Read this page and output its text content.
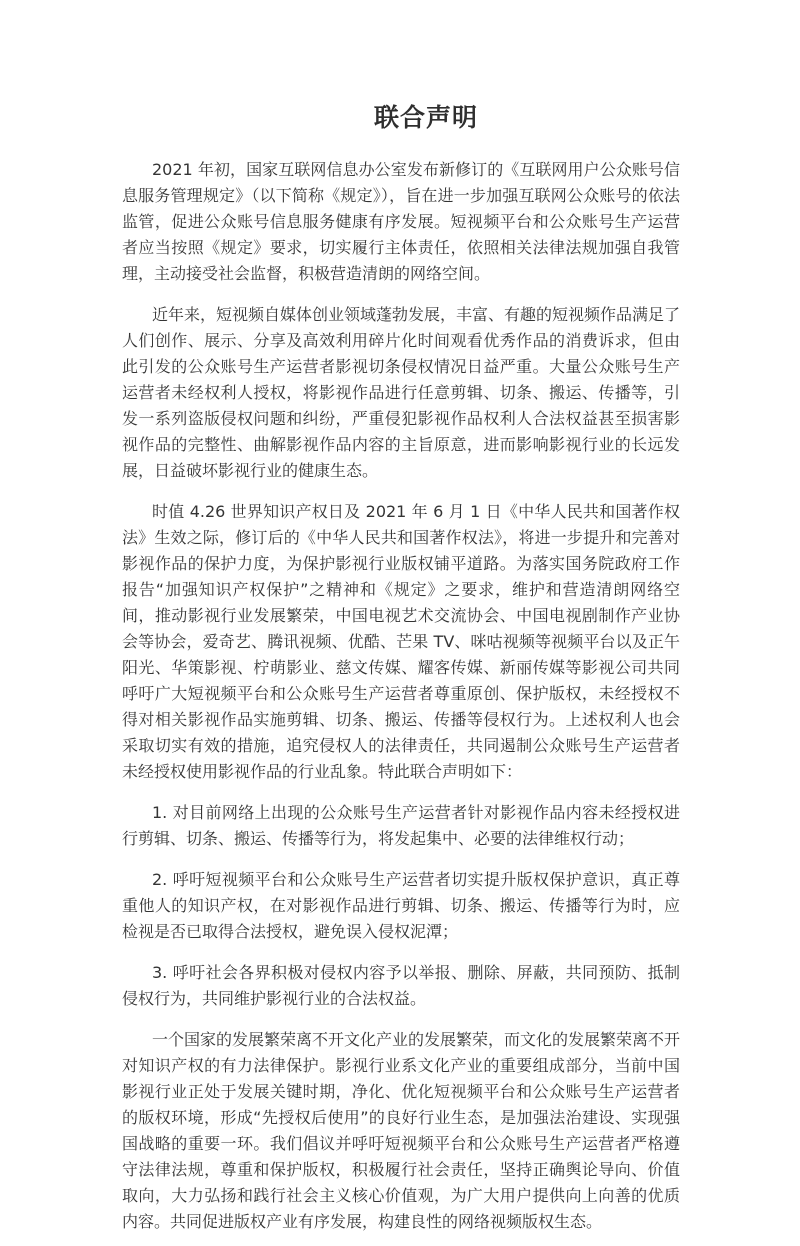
联合声明

2021 年初，国家互联网信息办公室发布新修订的《互联网用户公众账号信息服务管理规定》（以下简称《规定》），旨在进一步加强互联网公众账号的依法监管，促进公众账号信息服务健康有序发展。短视频平台和公众账号生产运营者应当按照《规定》要求，切实履行主体责任，依照相关法律法规加强自我管理，主动接受社会监督，积极营造清朗的网络空间。

近年来，短视频自媒体创业领域蓬勃发展，丰富、有趣的短视频作品满足了人们创作、展示、分享及高效利用碎片化时间观看优秀作品的消费诉求，但由此引发的公众账号生产运营者影视切条侵权情况日益严重。大量公众账号生产运营者未经权利人授权，将影视作品进行任意剪辑、切条、搬运、传播等，引发一系列盗版侵权问题和纠纷，严重侵犯影视作品权利人合法权益甚至损害影视作品的完整性、曲解影视作品内容的主旨原意，进而影响影视行业的长远发展，日益破坏影视行业的健康生态。

时值 4.26 世界知识产权日及 2021 年 6 月 1 日《中华人民共和国著作权法》生效之际，修订后的《中华人民共和国著作权法》，将进一步提升和完善对影视作品的保护力度，为保护影视行业版权铺平道路。为落实国务院政府工作报告“加强知识产权保护”之精神和《规定》之要求，维护和营造清朗网络空间，推动影视行业发展繁荣，中国电视艺术交流协会、中国电视剧制作产业协会等协会，爱奇艺、腾讯视频、优酷、芒果 TV、咪咕视频等视频平台以及正午阳光、华策影视、柠萌影业、慈文传媒、耀客传媒、新丽传媒等影视公司共同呼吁广大短视频平台和公众账号生产运营者尊重原创、保护版权，未经授权不得对相关影视作品实施剪辑、切条、搬运、传播等侵权行为。上述权利人也会采取切实有效的措施，追究侵权人的法律责任，共同遏制公众账号生产运营者未经授权使用影视作品的行业乱象。特此联合声明如下：

1. 对目前网络上出现的公众账号生产运营者针对影视作品内容未经授权进行剪辑、切条、搬运、传播等行为，将发起集中、必要的法律维权行动；

2. 呼吁短视频平台和公众账号生产运营者切实提升版权保护意识，真正尊重他人的知识产权，在对影视作品进行剪辑、切条、搬运、传播等行为时，应检视是否已取得合法授权，避免误入侵权泥潭；

3. 呼吁社会各界积极对侵权内容予以举报、删除、屏蔽，共同预防、抵制侵权行为，共同维护影视行业的合法权益。

一个国家的发展繁荣离不开文化产业的发展繁荣，而文化的发展繁荣离不开对知识产权的有力法律保护。影视行业系文化产业的重要组成部分，当前中国影视行业正处于发展关键时期，净化、优化短视频平台和公众账号生产运营者的版权环境，形成“先授权后使用”的良好行业生态，是加强法治建设、实现强国战略的重要一环。我们倡议并呼吁短视频平台和公众账号生产运营者严格遵守法律法规，尊重和保护版权，积极履行社会责任，坚持正确舆论导向、价值取向，大力弘扬和践行社会主义核心价值观，为广大用户提供向上向善的优质内容。共同促进版权产业有序发展，构建良性的网络视频版权生态。
